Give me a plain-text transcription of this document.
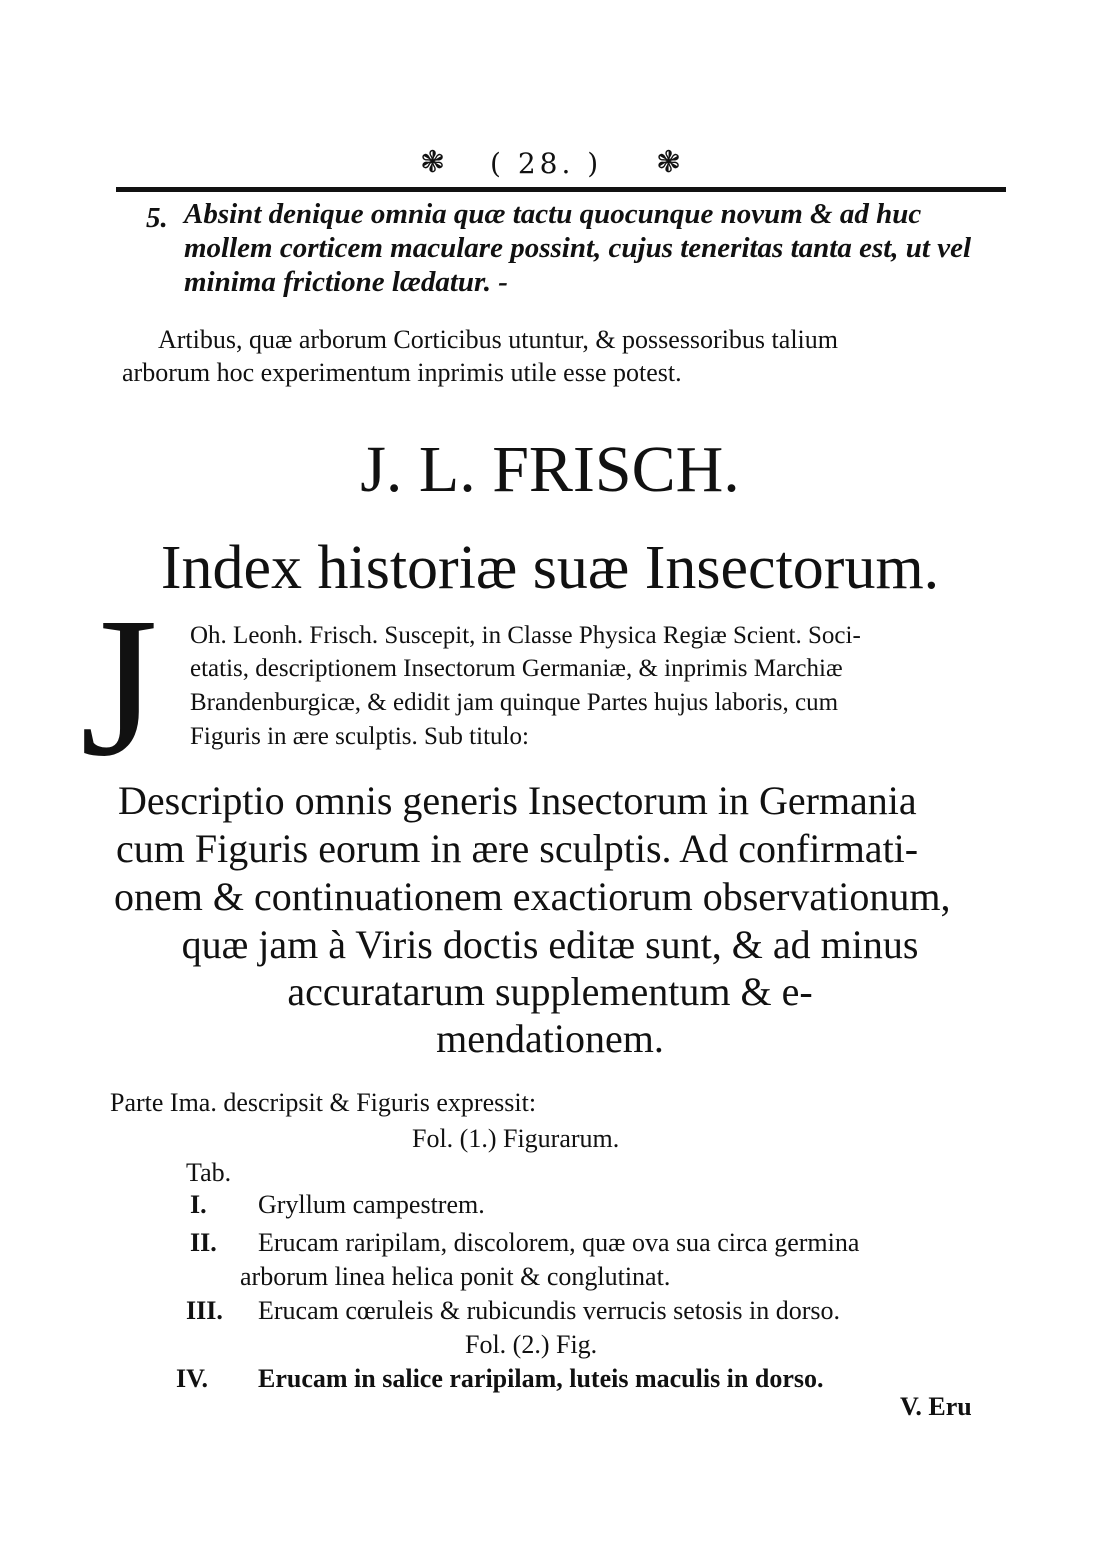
❃ ( 28. ) ❃
5. Absint denique omnia quæ tactu quocunque novum & ad huc
mollem corticem maculare possint, cujus teneritas tanta est, ut vel
minima frictione lædatur. -
Artibus, quæ arborum Corticibus utuntur, & possessoribus talium
arborum hoc experimentum inprimis utile esse potest.
J. L. FRISCH.
Index historiæ suæ Insectorum.
J Oh. Leonh. Frisch. Suscepit, in Classe Physica Regiæ Scient. Soci-
etatis, descriptionem Insectorum Germaniæ, & inprimis Marchiæ
Brandenburgicæ, & edidit jam quinque Partes hujus laboris, cum
Figuris in ære sculptis. Sub titulo:
Descriptio omnis generis Insectorum in Germania
cum Figuris eorum in ære sculptis. Ad confirmati-
onem & continuationem exactiorum observationum,
quæ jam à Viris doctis editæ sunt, & ad minus
accuratarum supplementum & e-
mendationem.
Parte Ima. descripsit & Figuris expressit:
Fol. (1.) Figurarum.
Tab.
I. Gryllum campestrem.
II. Erucam raripilam, discolorem, quæ ova sua circa germina
arborum linea helica ponit & conglutinat.
III. Erucam cœruleis & rubicundis verrucis setosis in dorso.
Fol. (2.) Fig.
IV. Erucam in salice raripilam, luteis maculis in dorso.
V. Eru
